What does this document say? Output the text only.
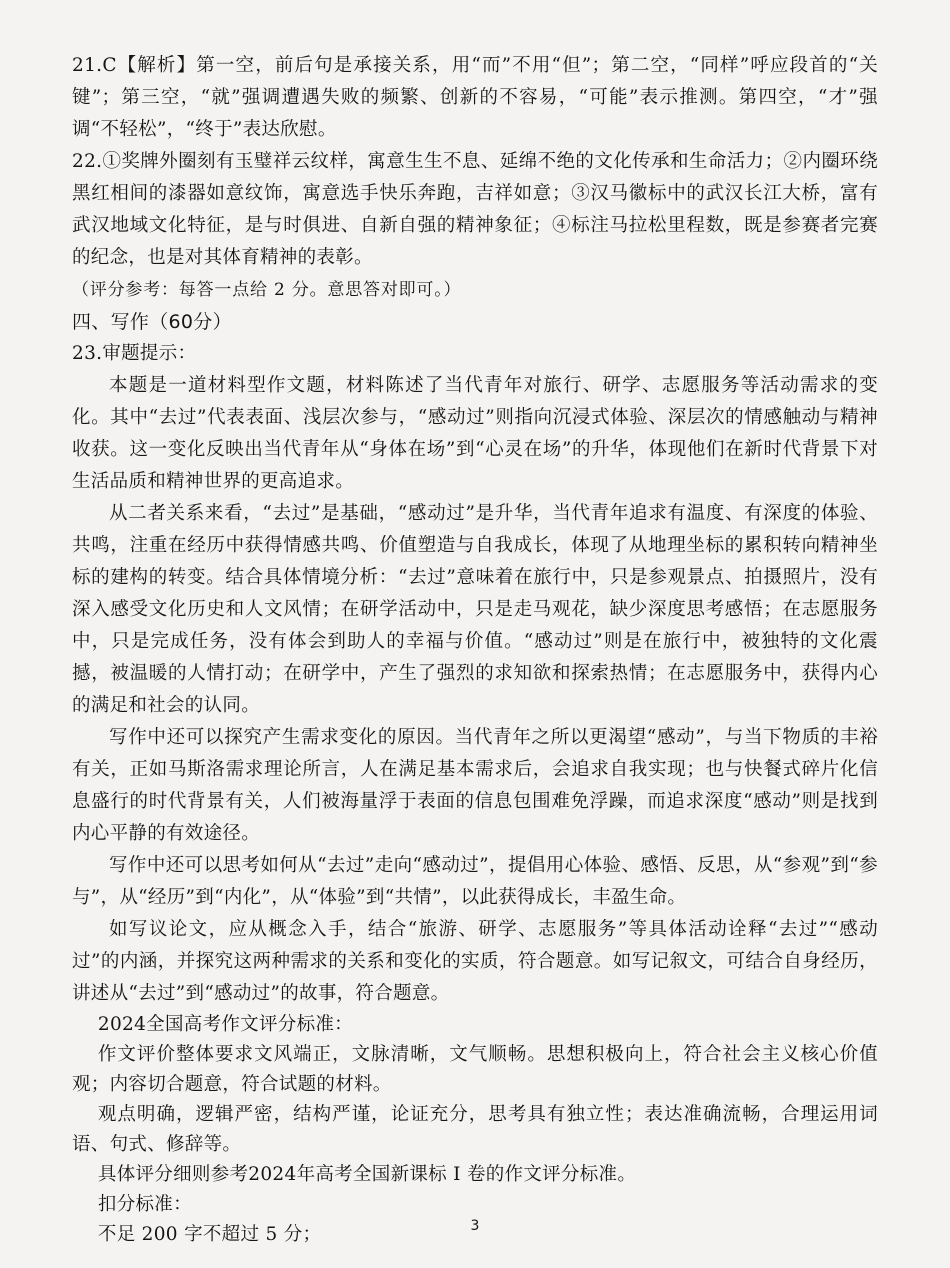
21.C【解析】第一空，前后句是承接关系，用“而”不用“但”；第二空，“同样”呼应段首的“关键”；第三空，“就”强调遭遇失败的频繁、创新的不容易，“可能”表示推测。第四空，“才”强调“不轻松”，“终于”表达欣慰。

22.①奖牌外圈刻有玉璧祥云纹样，寓意生生不息、延绵不绝的文化传承和生命活力；②内圈环绕黑红相间的漆器如意纹饰，寓意选手快乐奔跑，吉祥如意；③汉马徽标中的武汉长江大桥，富有武汉地域文化特征，是与时俱进、自新自强的精神象征；④标注马拉松里程数，既是参赛者完赛的纪念，也是对其体育精神的表彰。

（评分参考：每答一点给 2 分。意思答对即可。）

四、写作（60分）

23.审题提示：

本题是一道材料型作文题，材料陈述了当代青年对旅行、研学、志愿服务等活动需求的变化。其中“去过”代表表面、浅层次参与，“感动过”则指向沉浸式体验、深层次的情感触动与精神收获。这一变化反映出当代青年从“身体在场”到“心灵在场”的升华，体现他们在新时代背景下对生活品质和精神世界的更高追求。

从二者关系来看，“去过”是基础，“感动过”是升华，当代青年追求有温度、有深度的体验、共鸣，注重在经历中获得情感共鸣、价值塑造与自我成长，体现了从地理坐标的累积转向精神坐标的建构的转变。结合具体情境分析：“去过”意味着在旅行中，只是参观景点、拍摄照片，没有深入感受文化历史和人文风情；在研学活动中，只是走马观花，缺少深度思考感悟；在志愿服务中，只是完成任务，没有体会到助人的幸福与价值。“感动过”则是在旅行中，被独特的文化震撼，被温暖的人情打动；在研学中，产生了强烈的求知欲和探索热情；在志愿服务中，获得内心的满足和社会的认同。

写作中还可以探究产生需求变化的原因。当代青年之所以更渴望“感动”，与当下物质的丰裕有关，正如马斯洛需求理论所言，人在满足基本需求后，会追求自我实现；也与快餐式碎片化信息盛行的时代背景有关，人们被海量浮于表面的信息包围难免浮躁，而追求深度“感动”则是找到内心平静的有效途径。

写作中还可以思考如何从“去过”走向“感动过”，提倡用心体验、感悟、反思，从“参观”到“参与”，从“经历”到“内化”，从“体验”到“共情”，以此获得成长，丰盈生命。

如写议论文，应从概念入手，结合“旅游、研学、志愿服务”等具体活动诠释“去过”“感动过”的内涵，并探究这两种需求的关系和变化的实质，符合题意。如写记叙文，可结合自身经历，讲述从“去过”到“感动过”的故事，符合题意。

2024全国高考作文评分标准：

作文评价整体要求文风端正，文脉清晰，文气顺畅。思想积极向上，符合社会主义核心价值观；内容切合题意，符合试题的材料。

观点明确，逻辑严密，结构严谨，论证充分，思考具有独立性；表达准确流畅，合理运用词语、句式、修辞等。

具体评分细则参考2024年高考全国新课标 Ⅰ 卷的作文评分标准。

扣分标准：

不足 200 字不超过 5 分；	3
